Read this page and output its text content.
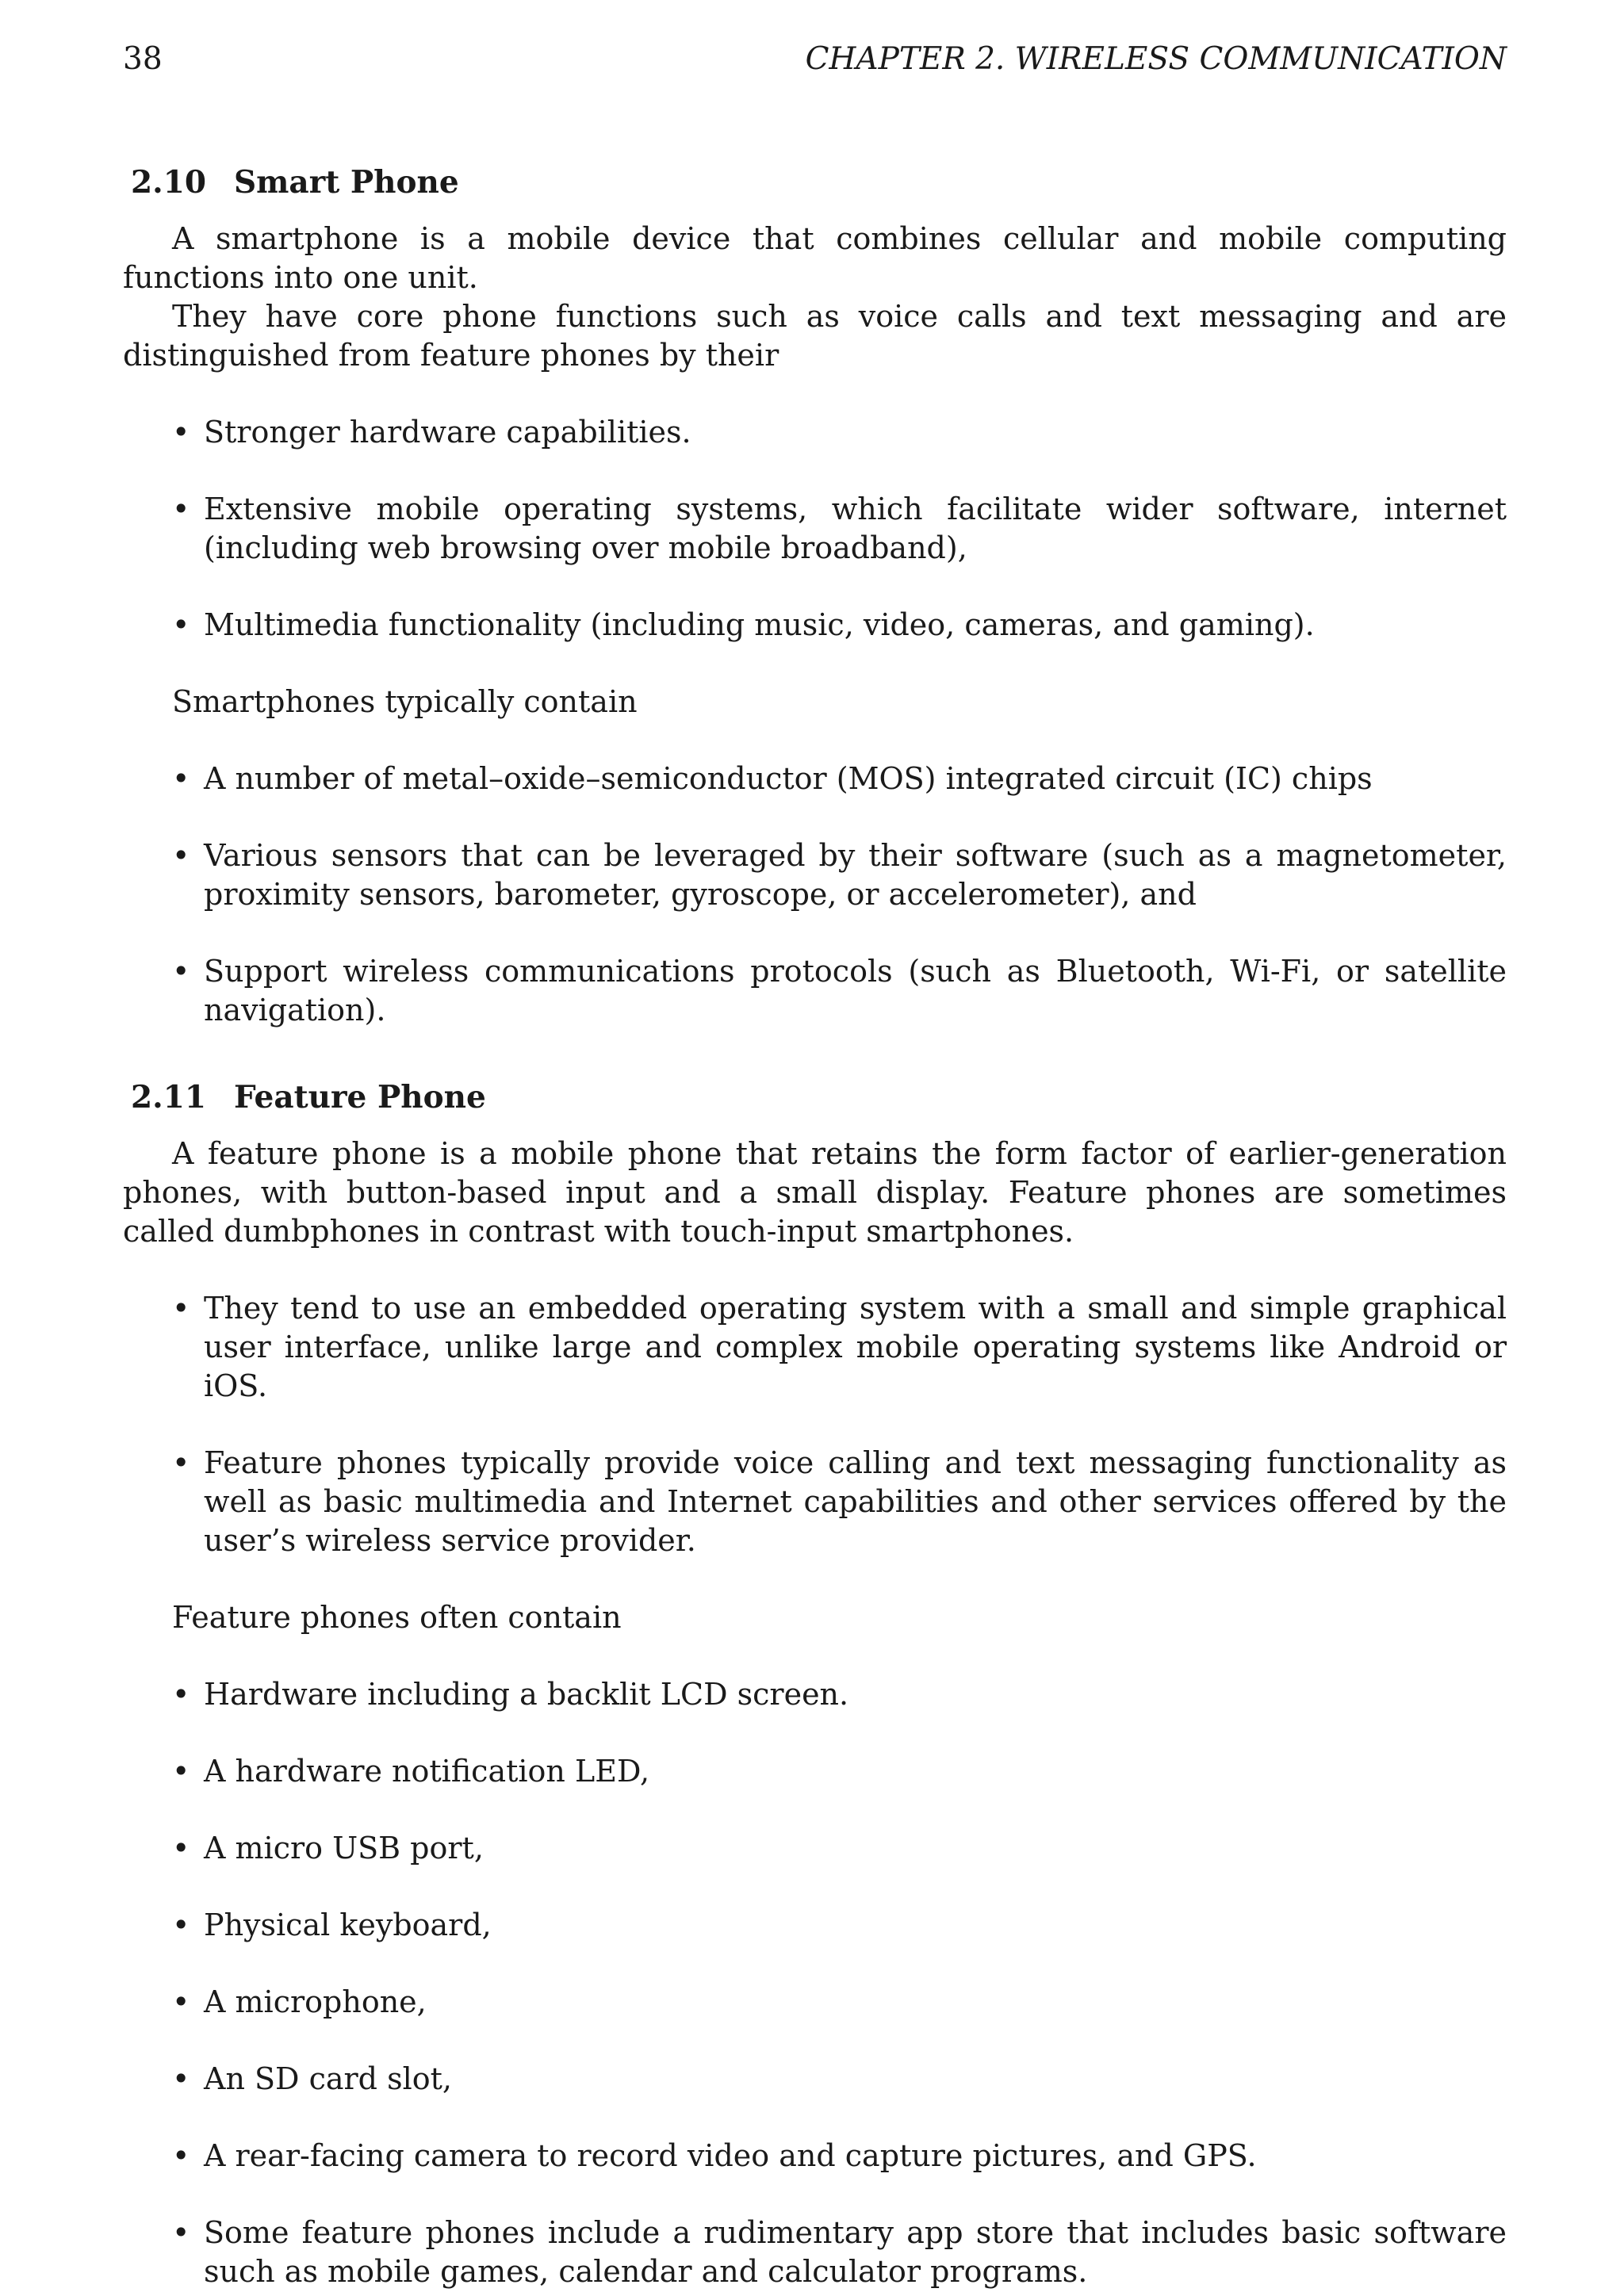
38	CHAPTER 2. WIRELESS COMMUNICATION
2.10 Smart Phone

A smartphone is a mobile device that combines cellular and mobile computing functions into one unit.

They have core phone functions such as voice calls and text messaging and are distinguished from feature phones by their

• Stronger hardware capabilities.
• Extensive mobile operating systems, which facilitate wider software, internet (including web browsing over mobile broadband),
• Multimedia functionality (including music, video, cameras, and gaming).
Smartphones typically contain
• A number of metal–oxide–semiconductor (MOS) integrated circuit (IC) chips
• Various sensors that can be leveraged by their software (such as a magnetometer, proximity sensors, barometer, gyroscope, or accelerometer), and
• Support wireless communications protocols (such as Bluetooth, Wi-Fi, or satellite navigation).
2.11 Feature Phone

A feature phone is a mobile phone that retains the form factor of earlier-generation phones, with button-based input and a small display. Feature phones are sometimes called dumbphones in contrast with touch-input smartphones.

• They tend to use an embedded operating system with a small and simple graphical user interface, unlike large and complex mobile operating systems like Android or iOS.
• Feature phones typically provide voice calling and text messaging functionality as well as basic multimedia and Internet capabilities and other services offered by the user’s wireless service provider.
Feature phones often contain
• Hardware including a backlit LCD screen.
• A hardware notification LED,
• A micro USB port,
• Physical keyboard,
• A microphone,
• An SD card slot,
• A rear-facing camera to record video and capture pictures, and GPS.
• Some feature phones include a rudimentary app store that includes basic software such as mobile games, calendar and calculator programs.
